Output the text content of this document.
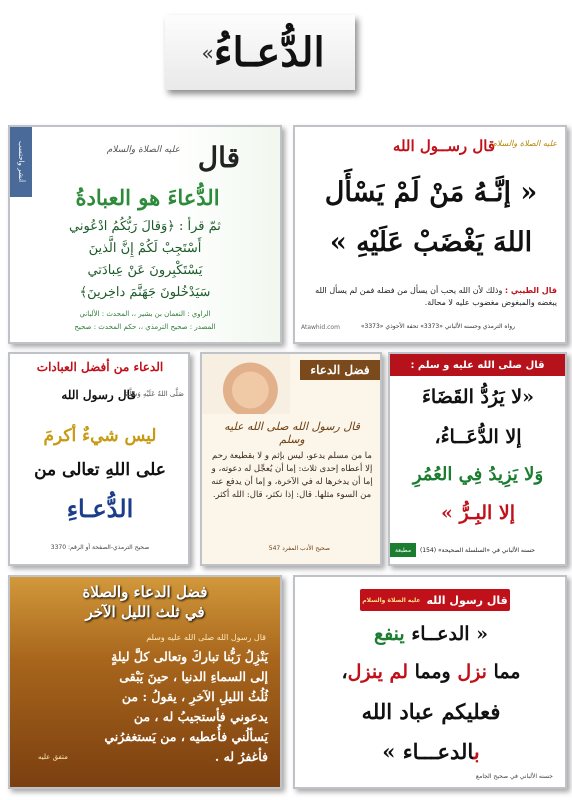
الدُّعـاءُ
»
أنشر واحتسب	قال
عليه الصلاة والسلام
الدُّعاءَ هو العبادةُ
ثمّ قرأ : ﴿وَقالَ رَبُّكُمُ ادْعُوني
أَسْتَجِبْ لَكُمْ إِنَّ الَّذينَ
يَسْتَكْبِرونَ عَنْ عِبادَتي
سَيَدْخُلونَ جَهَنَّمَ داخِرينَ﴾
الراوي : النعمان بن بشير ،، المحدث : الألباني
المصدر : صحيح الترمذي ،، حكم المحدث : صحيح
قال رســول الله
عليه الصلاة والسلام
« إنَّـهُ مَنْ لَمْ يَسْأَل
اللهَ يَغْضَبْ عَلَيْهِ »
قال الطيبي : وذلك لأن الله يحب أن يسأل من فضله فمن لم يسأل الله يبغضه والمبغوض مغضوب عليه لا محالة.
رواه الترمذي وحسنه الألباني «3373» تحفة الأحوذي «3373»
Atawhid.com
الدعاء من أفضل العبادات
قال رسول الله
صَلَّى اللهُ عَلَيْهِ وَسَلَّمَ
ليس شيءٌ أكرمَ
على اللهِ تعالى من
الدُّعـاءِ
صحيح الترمذي-الصفحة أو الرقم: 3370
فضل الدعاء
قال رسول الله صلى الله عليه وسلم
ما من مسلم يدعو، ليس بإثم و لا بقطيعة رحم إلا أعطاه إحدى ثلاث: إما أن يُعجِّل له دعوته، و إما أن يدخرها له في الآخرة، و إما أن يدفع عنه من السوء مثلها. قال: إذا نكثر، قال: الله أكثر.
صحيح الأدب المفرد 547
قال صلى الله عليه و سلم :
«لا يَرُدُّ القَضَاءَ
إلا الدُّعَــاءُ،
وَلا يَزِيدُ فِي العُمُرِ
إلا البِـرُّ »
حسنه الألباني في «السلسلة الصحيحة» (154)
مطبعة
فضل الدعاء والصلاة
في ثلث الليل الآخر
قال رسول الله صلى الله عليه وسلم
يَنْزِلُ رَبُّنا تباركَ وتعالى كلَّ ليلةٍ
إلى السماءِ الدنيا ، حينَ يَبْقى
ثُلُثُ الليلِ الآخرِ ، يقولُ : من
يدعوني فأستجيبُ له ، من
يَسألُني فأُعطيه ، من يَستغفرُني
فأغفرُ له .
متفق عليه
قال رسول الله
عليه الصلاة والسلام
« الدعــاء ينفع
مما نزل ومما لم ينزل،
فعليكم عباد الله
بالدعـــاء »
حسنه الألباني في صحيح الجامع
